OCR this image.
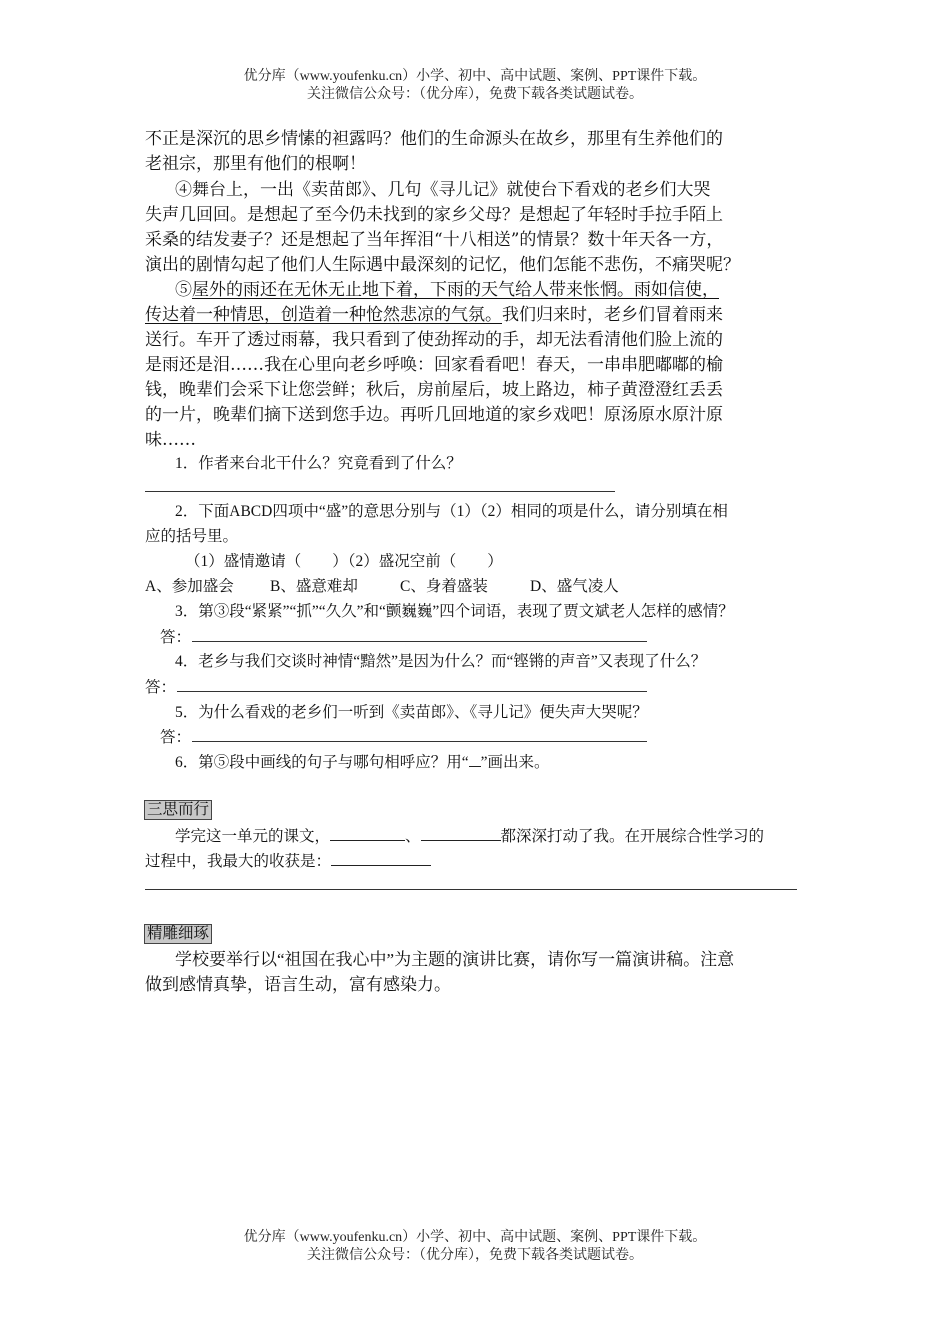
优分库（www.youfenku.cn）小学、初中、高中试题、案例、PPT课件下载。
关注微信公众号：（优分库），免费下载各类试题试卷。
不正是深沉的思乡情愫的袒露吗？他们的生命源头在故乡，那里有生养他们的
老祖宗，那里有他们的根啊！
④舞台上，一出《卖苗郎》、几句《寻儿记》就使台下看戏的老乡们大哭
失声几回回。是想起了至今仍未找到的家乡父母？是想起了年轻时手拉手陌上
采桑的结发妻子？还是想起了当年挥泪“十八相送”的情景？数十年天各一方，
演出的剧情勾起了他们人生际遇中最深刻的记忆，他们怎能不悲伤，不痛哭呢？
⑤屋外的雨还在无休无止地下着，下雨的天气给人带来怅惘。雨如信使，
传达着一种情思，创造着一种怆然悲凉的气氛。我们归来时，老乡们冒着雨来
送行。车开了透过雨幕，我只看到了使劲挥动的手，却无法看清他们脸上流的
是雨还是泪……我在心里向老乡呼唤：回家看看吧！春天，一串串肥嘟嘟的榆
钱，晚辈们会采下让您尝鲜；秋后，房前屋后，坡上路边，柿子黄澄澄红丢丢
的一片，晚辈们摘下送到您手边。再听几回地道的家乡戏吧！原汤原水原汁原
味……
1．作者来台北干什么？究竟看到了什么？
2．下面ABCD四项中“盛”的意思分别与（1）（2）相同的项是什么，请分别填在相
应的括号里。
（1）盛情邀请（　　）（2）盛况空前（　　）
A、参加盛会 B、盛意难却	C、身着盛装	D、盛气凌人
3．第③段“紧紧”“抓”“久久”和“颤巍巍”四个词语，表现了贾文斌老人怎样的感情？
答：
4．老乡与我们交谈时神情“黯然”是因为什么？而“铿锵的声音”又表现了什么？
答：
5．为什么看戏的老乡们一听到《卖苗郎》、《寻儿记》便失声大哭呢？
答：
6．第⑤段中画线的句子与哪句相呼应？用“ ”画出来。
三思而行
学完这一单元的课文，	、	都深深打动了我。在开展综合性学习的
过程中，我最大的收获是：
精雕细琢
学校要举行以“祖国在我心中”为主题的演讲比赛，请你写一篇演讲稿。注意
做到感情真挚，语言生动，富有感染力。
优分库（www.youfenku.cn）小学、初中、高中试题、案例、PPT课件下载。
关注微信公众号：（优分库），免费下载各类试题试卷。
